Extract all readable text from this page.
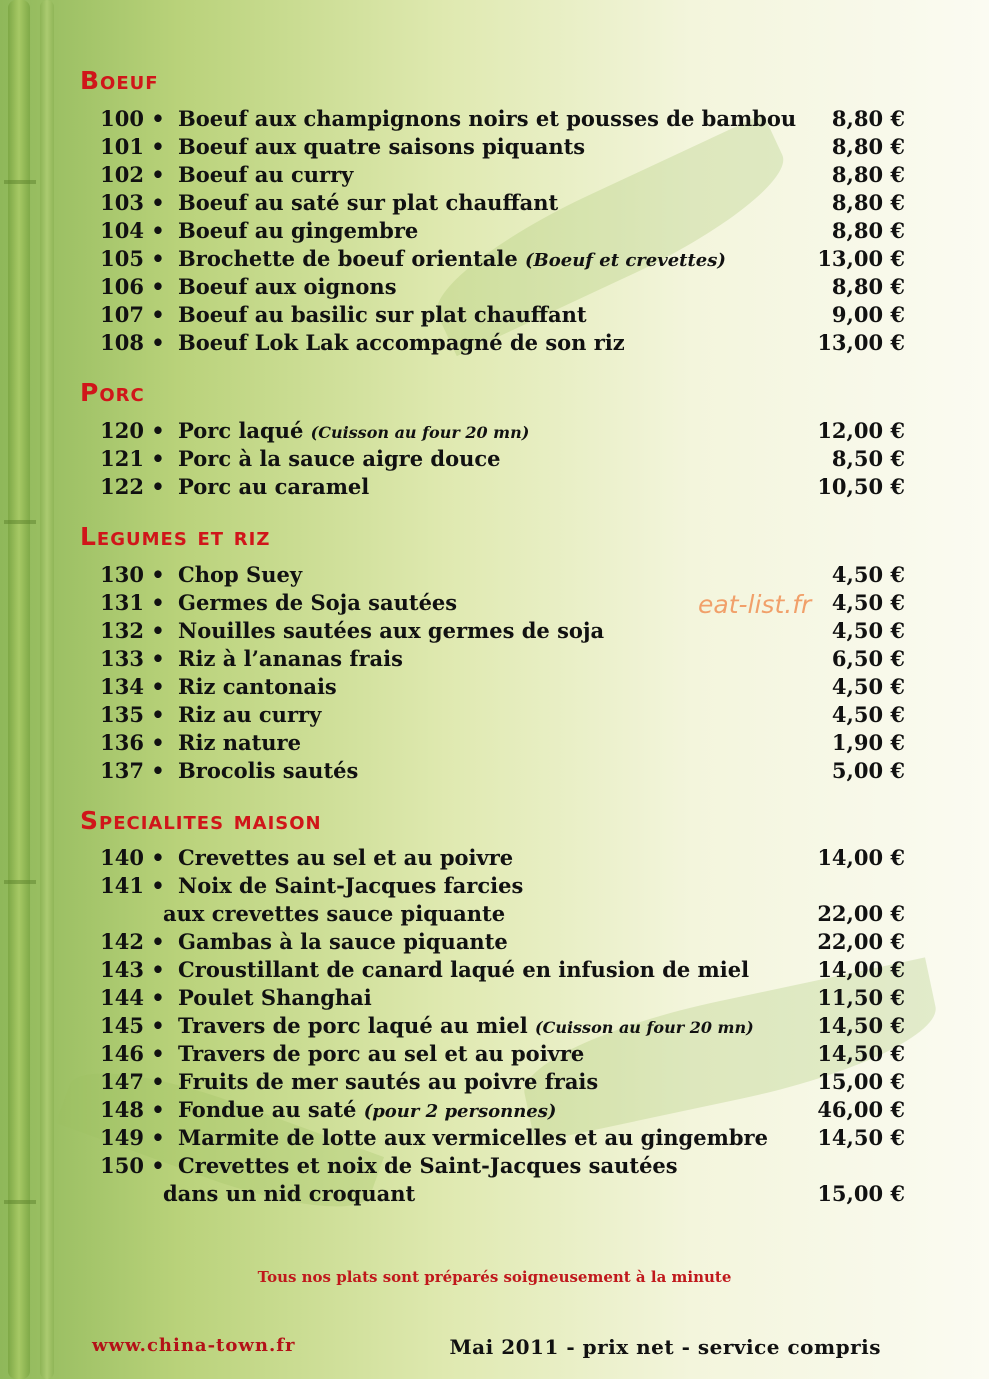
Boeuf
100 • Boeuf aux champignons noirs et pousses de bambou 8,80 €
101 • Boeuf aux quatre saisons piquants	8,80 €
102 • Boeuf au curry	8,80 €
103 • Boeuf au saté sur plat chauffant	8,80 €
104 • Boeuf au gingembre	8,80 €
105 • Brochette de boeuf orientale (Boeuf et crevettes)	13,00 €
106 • Boeuf aux oignons	8,80 €
107 • Boeuf au basilic sur plat chauffant	9,00 €
108 • Boeuf Lok Lak accompagné de son riz	13,00 €
Porc
120 • Porc laqué (Cuisson au four 20 mn)	12,00 €
121 • Porc à la sauce aigre douce	8,50 €
122 • Porc au caramel	10,50 €
Legumes et riz
130 • Chop Suey	4,50 €
131 • Germes de Soja sautées	4,50 €
132 • Nouilles sautées aux germes de soja	4,50 €
133 • Riz à l’ananas frais	6,50 €
134 • Riz cantonais	4,50 €
135 • Riz au curry	4,50 €
136 • Riz nature	1,90 €
137 • Brocolis sautés	5,00 €
Specialites maison
140 • Crevettes au sel et au poivre	14,00 €
141 • Noix de Saint-Jacques farcies
aux crevettes sauce piquante	22,00 €
142 • Gambas à la sauce piquante	22,00 €
143 • Croustillant de canard laqué en infusion de miel	14,00 €
144 • Poulet Shanghai	11,50 €
145 • Travers de porc laqué au miel (Cuisson au four 20 mn)	14,50 €
146 • Travers de porc au sel et au poivre	14,50 €
147 • Fruits de mer sautés au poivre frais	15,00 €
148 • Fondue au saté (pour 2 personnes)	46,00 €
149 • Marmite de lotte aux vermicelles et au gingembre 14,50 €
150 • Crevettes et noix de Saint-Jacques sautées
dans un nid croquant	15,00 €
eat-list.fr
Tous nos plats sont préparés soigneusement à la minute
www.china-town.fr	Mai 2011 - prix net - service compris
